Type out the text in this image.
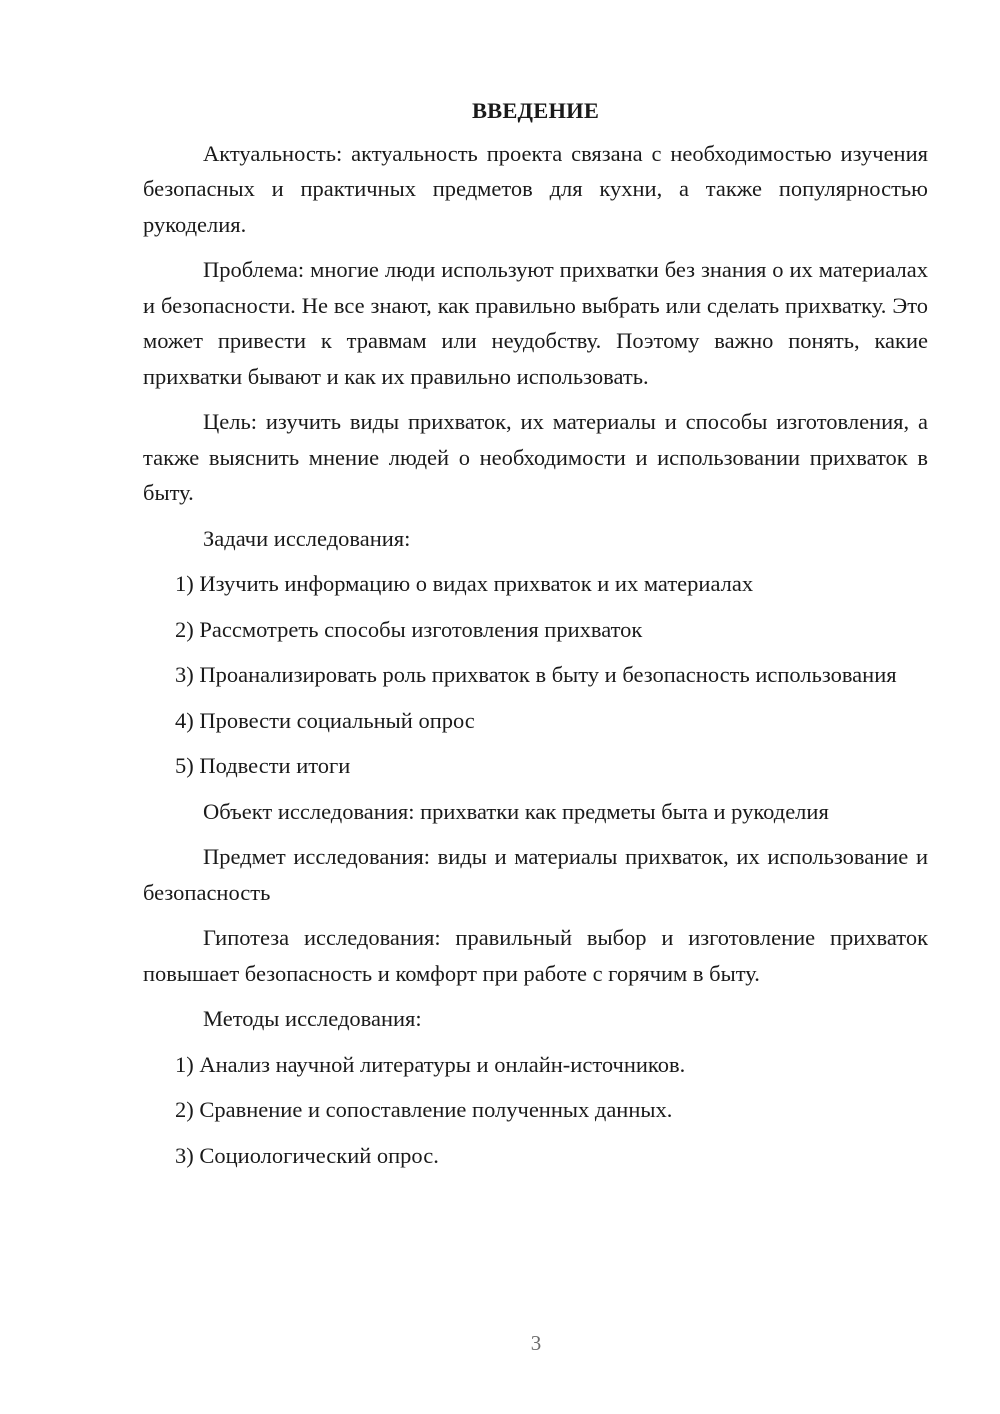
ВВЕДЕНИЕ

Актуальность: актуальность проекта связана с необходимостью изучения безопасных и практичных предметов для кухни, а также популярностью рукоделия.

Проблема: многие люди используют прихватки без знания о их материалах и безопасности. Не все знают, как правильно выбрать или сделать прихватку. Это может привести к травмам или неудобству. Поэтому важно понять, какие прихватки бывают и как их правильно использовать.

Цель: изучить виды прихваток, их материалы и способы изготовления, а также выяснить мнение людей о необходимости и использовании прихваток в быту.

Задачи исследования:

1) Изучить информацию о видах прихваток и их материалах

2) Рассмотреть способы изготовления прихваток

3) Проанализировать роль прихваток в быту и безопасность использования

4) Провести социальный опрос

5) Подвести итоги

Объект исследования: прихватки как предметы быта и рукоделия

Предмет исследования: виды и материалы прихваток, их использование и безопасность

Гипотеза исследования: правильный выбор и изготовление прихваток повышает безопасность и комфорт при работе с горячим в быту.

Методы исследования:

1) Анализ научной литературы и онлайн-источников.

2) Сравнение и сопоставление полученных данных.

3) Социологический опрос.

3
